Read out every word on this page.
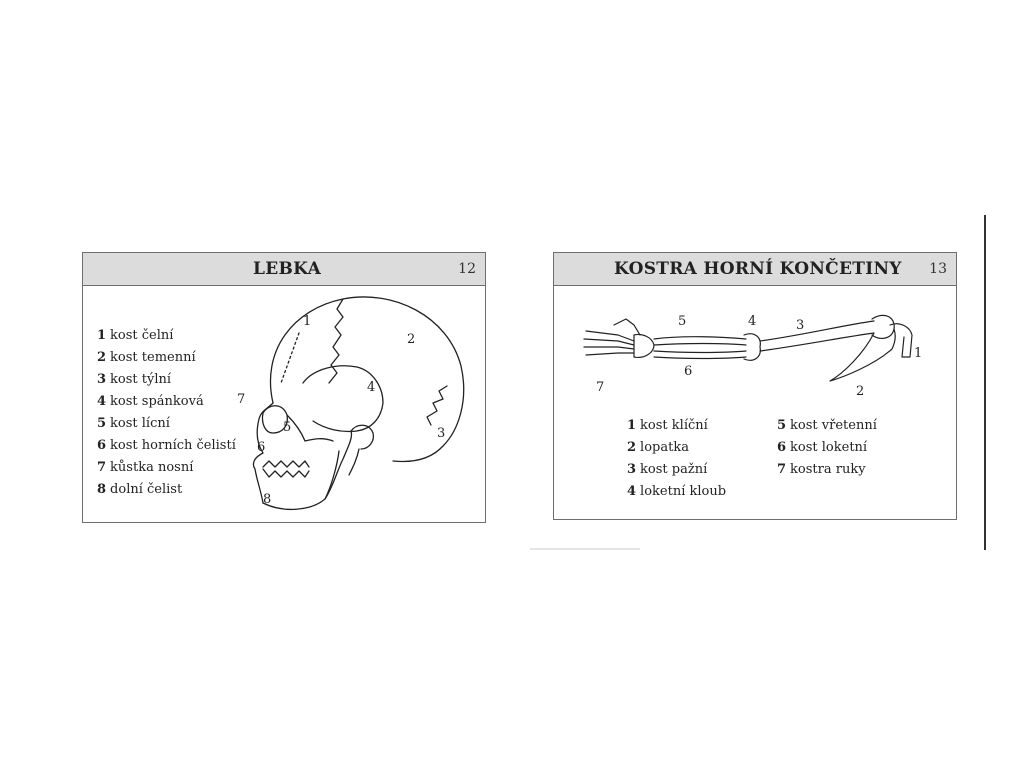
LEBKA	12
1 kost čelní
2 kost temenní
3 kost týlní
4 kost spánková
5 kost lícní
6 kost horních čelistí
7 kůstka nosní
8 dolní čelist
1
2
3
4
5
6
7
8
KOSTRA HORNÍ KONČETINY 13
1
2
3
4
5
6
7
1 kost klíční
2 lopatka
3 kost pažní
4 loketní kloub
5 kost vřetenní
6 kost loketní
7 kostra ruky
